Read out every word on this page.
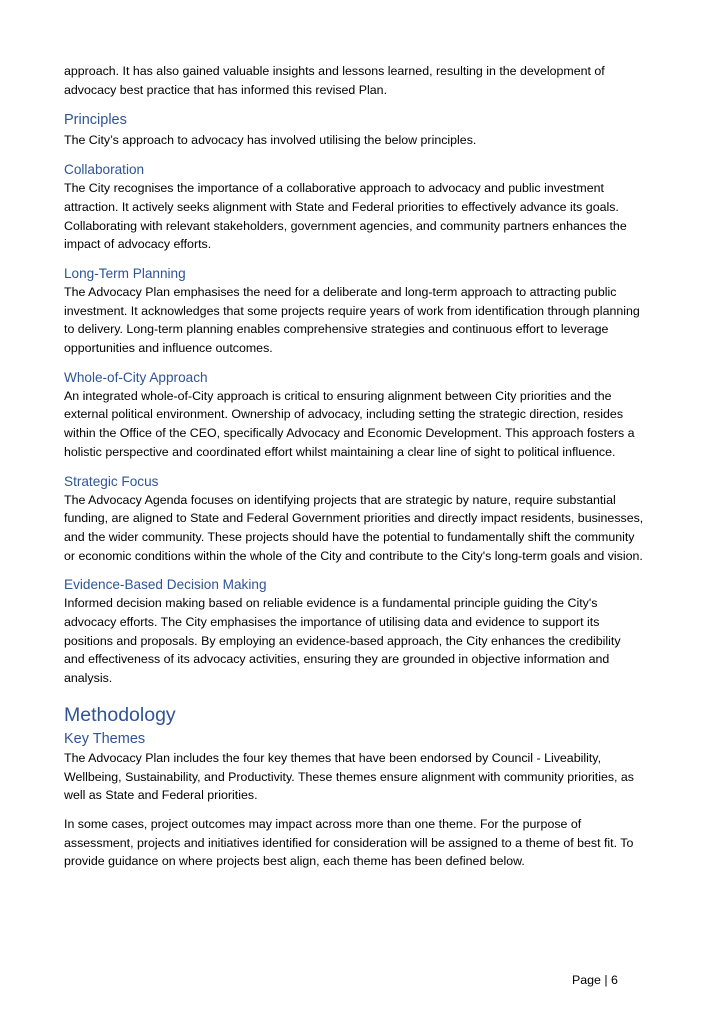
approach. It has also gained valuable insights and lessons learned, resulting in the development of advocacy best practice that has informed this revised Plan.

Principles

The City’s approach to advocacy has involved utilising the below principles.

Collaboration

The City recognises the importance of a collaborative approach to advocacy and public investment attraction. It actively seeks alignment with State and Federal priorities to effectively advance its goals. Collaborating with relevant stakeholders, government agencies, and community partners enhances the impact of advocacy efforts.

Long-Term Planning

The Advocacy Plan emphasises the need for a deliberate and long-term approach to attracting public investment. It acknowledges that some projects require years of work from identification through planning to delivery. Long-term planning enables comprehensive strategies and continuous effort to leverage opportunities and influence outcomes.

Whole-of-City Approach

An integrated whole-of-City approach is critical to ensuring alignment between City priorities and the external political environment. Ownership of advocacy, including setting the strategic direction, resides within the Office of the CEO, specifically Advocacy and Economic Development. This approach fosters a holistic perspective and coordinated effort whilst maintaining a clear line of sight to political influence.

Strategic Focus

The Advocacy Agenda focuses on identifying projects that are strategic by nature, require substantial funding, are aligned to State and Federal Government priorities and directly impact residents, businesses, and the wider community. These projects should have the potential to fundamentally shift the community or economic conditions within the whole of the City and contribute to the City's long-term goals and vision.

Evidence-Based Decision Making

Informed decision making based on reliable evidence is a fundamental principle guiding the City's advocacy efforts. The City emphasises the importance of utilising data and evidence to support its positions and proposals. By employing an evidence-based approach, the City enhances the credibility and effectiveness of its advocacy activities, ensuring they are grounded in objective information and analysis.

Methodology
Key Themes

The Advocacy Plan includes the four key themes that have been endorsed by Council - Liveability, Wellbeing, Sustainability, and Productivity. These themes ensure alignment with community priorities, as well as State and Federal priorities.

In some cases, project outcomes may impact across more than one theme. For the purpose of assessment, projects and initiatives identified for consideration will be assigned to a theme of best fit. To provide guidance on where projects best align, each theme has been defined below.

Page | 6
